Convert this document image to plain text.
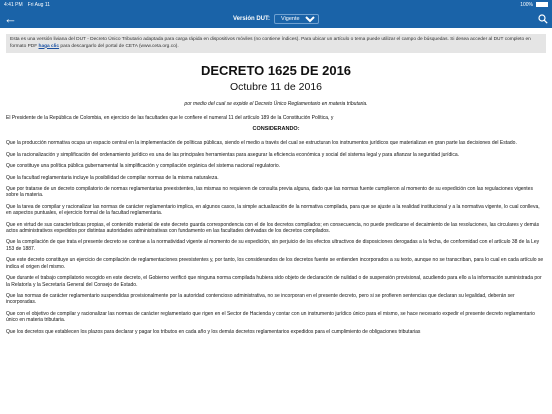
4:41 PM Fri Aug 11	100%
←	Versión DUT:
Vigente
Esta es una versión liviana del DUT - Decreto Único Tributario adaptada para carga rápida en dispositivos móviles (no contiene índices). Para ubicar un artículo o tema puede utilizar el campo de búsquedas. Si desea acceder al DUT completo en formato PDF haga clic para descargarlo del portal de CETA (www.ceta.org.co).
DECRETO 1625 DE 2016
Octubre 11 de 2016
por medio del cual se expide el Decreto Único Reglamentario en materia tributaria.

El Presidente de la República de Colombia, en ejercicio de las facultades que le confiere el numeral 11 del artículo 189 de la Constitución Política, y

CONSIDERANDO:

Que la producción normativa ocupa un espacio central en la implementación de políticas públicas, siendo el medio a través del cual se estructuran los instrumentos jurídicos que materializan en gran parte las decisiones del Estado.

Que la racionalización y simplificación del ordenamiento jurídico es una de las principales herramientas para asegurar la eficiencia económica y social del sistema legal y para afianzar la seguridad jurídica.

Que constituye una política pública gubernamental la simplificación y compilación orgánica del sistema nacional regulatorio.

Que la facultad reglamentaria incluye la posibilidad de compilar normas de la misma naturaleza.

Que por tratarse de un decreto compilatorio de normas reglamentarias preexistentes, las mismas no requieren de consulta previa alguna, dado que las normas fuente cumplieron al momento de su expedición con las regulaciones vigentes sobre la materia.

Que la tarea de compilar y racionalizar las normas de carácter reglamentario implica, en algunos casos, la simple actualización de la normativa compilada, para que se ajuste a la realidad institucional y a la normativa vigente, lo cual conlleva, en aspectos puntuales, el ejercicio formal de la facultad reglamentaria.

Que en virtud de sus características propias, el contenido material de este decreto guarda correspondencia con el de los decretos compilados; en consecuencia, no puede predicarse el decaimiento de las resoluciones, las circulares y demás actos administrativos expedidos por distintas autoridades administrativas con fundamento en las facultades derivadas de los decretos compilados.

Que la compilación de que trata el presente decreto se contrae a la normatividad vigente al momento de su expedición, sin perjuicio de los efectos ultractivos de disposiciones derogadas a la fecha, de conformidad con el artículo 38 de la Ley 153 de 1887.

Que este decreto constituye un ejercicio de compilación de reglamentaciones preexistentes y, por tanto, los considerandos de los decretos fuente se entienden incorporados a su texto, aunque no se transcriban, para lo cual en cada artículo se indica el origen del mismo.

Que durante el trabajo compilatorio recogido en este decreto, el Gobierno verificó que ninguna norma compilada hubiera sido objeto de declaración de nulidad o de suspensión provisional, acudiendo para ello a la información suministrada por la Relatoría y la Secretaría General del Consejo de Estado.

Que las normas de carácter reglamentario suspendidas provisionalmente por la autoridad contencioso administrativa, no se incorporan en el presente decreto, pero si se profieren sentencias que declaran su legalidad, deberán ser incorporadas.

Que con el objetivo de compilar y racionalizar las normas de carácter reglamentario que rigen en el Sector de Hacienda y contar con un instrumento jurídico único para el mismo, se hace necesario expedir el presente decreto reglamentario único en materia tributaria.

Que los decretos que establecen los plazos para declarar y pagar los tributos en cada año y los demás decretos reglamentarios expedidos para el cumplimiento de obligaciones tributarias
